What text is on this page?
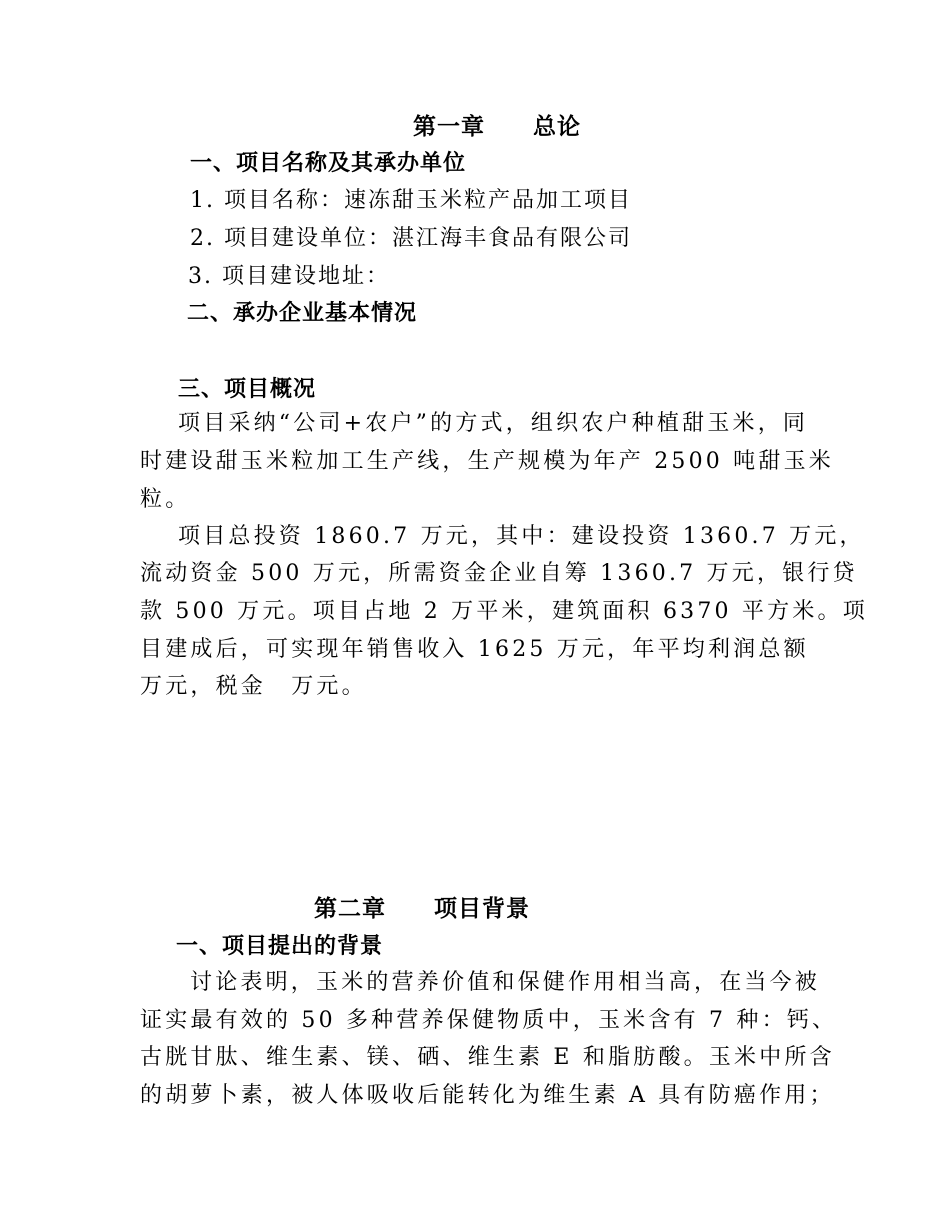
第一章　　总论
一、项目名称及其承办单位
1. 项目名称：速冻甜玉米粒产品加工项目
2. 项目建设单位：湛江海丰食品有限公司
3. 项目建设地址：
二、承办企业基本情况
三、项目概况
项目采纳“公司+农户”的方式，组织农户种植甜玉米，同
时建设甜玉米粒加工生产线，生产规模为年产 2500 吨甜玉米
粒。
项目总投资 1860.7 万元，其中：建设投资 1360.7 万元，
流动资金 500 万元，所需资金企业自筹 1360.7 万元，银行贷
款 500 万元。项目占地 2 万平米，建筑面积 6370 平方米。项
目建成后，可实现年销售收入 1625 万元，年平均利润总额
万元，税金　万元。
第二章　　项目背景
一、项目提出的背景
讨论表明，玉米的营养价值和保健作用相当高，在当今被
证实最有效的 50 多种营养保健物质中，玉米含有 7 种：钙、
古胱甘肽、维生素、镁、硒、维生素 E 和脂肪酸。玉米中所含
的胡萝卜素，被人体吸收后能转化为维生素 A 具有防癌作用；
